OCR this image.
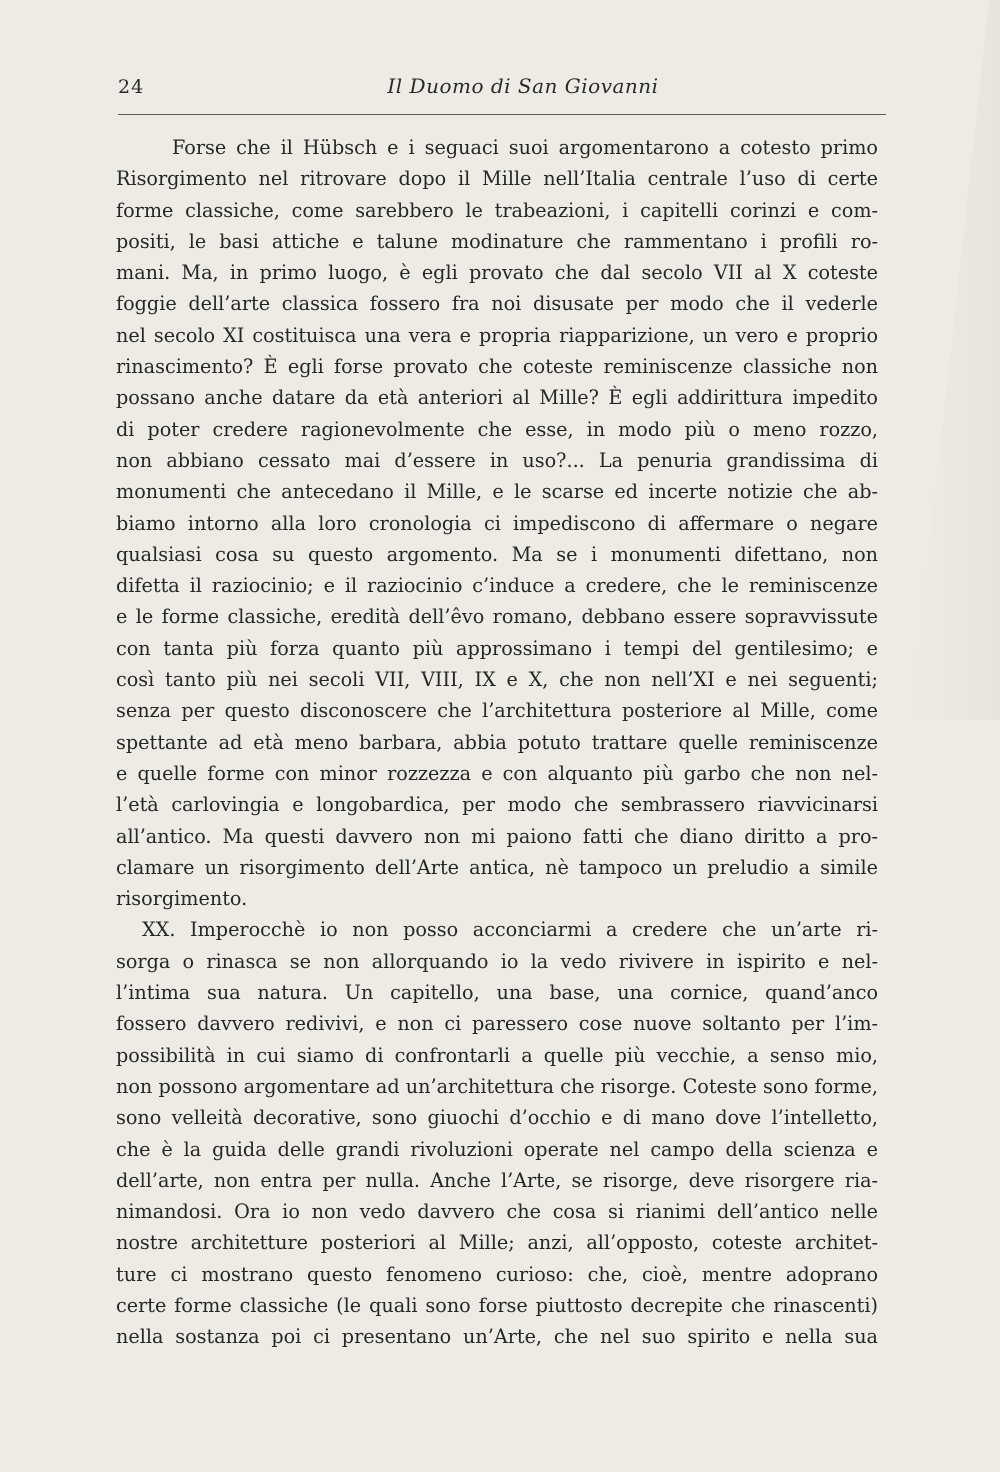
24	Il Duomo di San Giovanni
Forse che il Hübsch e i seguaci suoi argomentarono a cotesto primo
Risorgimento nel ritrovare dopo il Mille nell’Italia centrale l’uso di certe
forme classiche, come sarebbero le trabeazioni, i capitelli corinzi e com-
positi, le basi attiche e talune modinature che rammentano i profili ro-
mani. Ma, in primo luogo, è egli provato che dal secolo VII al X coteste
foggie dell’arte classica fossero fra noi disusate per modo che il vederle
nel secolo XI costituisca una vera e propria riapparizione, un vero e proprio
rinascimento? È egli forse provato che coteste reminiscenze classiche non
possano anche datare da età anteriori al Mille? È egli addirittura impedito
di poter credere ragionevolmente che esse, in modo più o meno rozzo,
non abbiano cessato mai d’essere in uso?... La penuria grandissima di
monumenti che antecedano il Mille, e le scarse ed incerte notizie che ab-
biamo intorno alla loro cronologia ci impediscono di affermare o negare
qualsiasi cosa su questo argomento. Ma se i monumenti difettano, non
difetta il raziocinio; e il raziocinio c’induce a credere, che le reminiscenze
e le forme classiche, eredità dell’êvo romano, debbano essere sopravvissute
con tanta più forza quanto più approssimano i tempi del gentilesimo; e
così tanto più nei secoli VII, VIII, IX e X, che non nell’XI e nei seguenti;
senza per questo disconoscere che l’architettura posteriore al Mille, come
spettante ad età meno barbara, abbia potuto trattare quelle reminiscenze
e quelle forme con minor rozzezza e con alquanto più garbo che non nel-
l’età carlovingia e longobardica, per modo che sembrassero riavvicinarsi
all’antico. Ma questi davvero non mi paiono fatti che diano diritto a pro-
clamare un risorgimento dell’Arte antica, nè tampoco un preludio a simile
risorgimento.
XX. Imperocchè io non posso acconciarmi a credere che un’arte ri-
sorga o rinasca se non allorquando io la vedo rivivere in ispirito e nel-
l’intima sua natura. Un capitello, una base, una cornice, quand’anco
fossero davvero redivivi, e non ci paressero cose nuove soltanto per l’im-
possibilità in cui siamo di confrontarli a quelle più vecchie, a senso mio,
non possono argomentare ad un’architettura che risorge. Coteste sono forme,
sono velleità decorative, sono giuochi d’occhio e di mano dove l’intelletto,
che è la guida delle grandi rivoluzioni operate nel campo della scienza e
dell’arte, non entra per nulla. Anche l’Arte, se risorge, deve risorgere ria-
nimandosi. Ora io non vedo davvero che cosa si rianimi dell’antico nelle
nostre architetture posteriori al Mille; anzi, all’opposto, coteste architet-
ture ci mostrano questo fenomeno curioso: che, cioè, mentre adoprano
certe forme classiche (le quali sono forse piuttosto decrepite che rinascenti)
nella sostanza poi ci presentano un’Arte, che nel suo spirito e nella sua
